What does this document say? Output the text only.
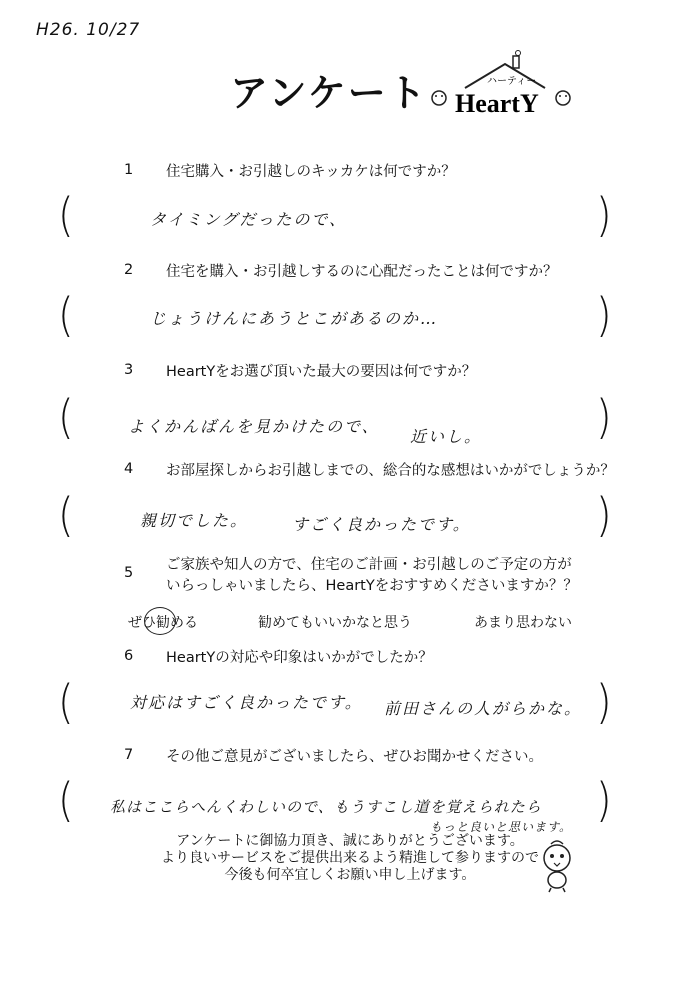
H26. 10/27
アンケート	ハーティー
HeartY
1	住宅購入・お引越しのキッカケは何ですか？
(	)
タイミングだったので、
2	住宅を購入・お引越しするのに心配だったことは何ですか？
(	)
じょうけんにあうとこがあるのか…
3	HeartYをお選び頂いた最大の要因は何ですか？
(	)
よくかんばんを見かけたので、
近いし。
4	お部屋探しからお引越しまでの、総合的な感想はいかがでしょうか？
(	)
親切でした。	すごく良かったです。
5	ご家族や知人の方で、住宅のご計画・お引越しのご予定の方が
いらっしゃいましたら、HeartYをおすすめくださいますか？？
ぜひ勧める	勧めてもいいかなと思う	あまり思わない
6	HeartYの対応や印象はいかがでしたか？
(	)
対応はすごく良かったです。 前田さんの人がらかな。
7	その他ご意見がございましたら、ぜひお聞かせください。
(	)
私はここらへんくわしいので、もうすこし道を覚えられたら
もっと良いと思います。
アンケートに御協力頂き、誠にありがとうございます。
より良いサービスをご提供出来るよう精進して参りますので
今後も何卒宜しくお願い申し上げます。
